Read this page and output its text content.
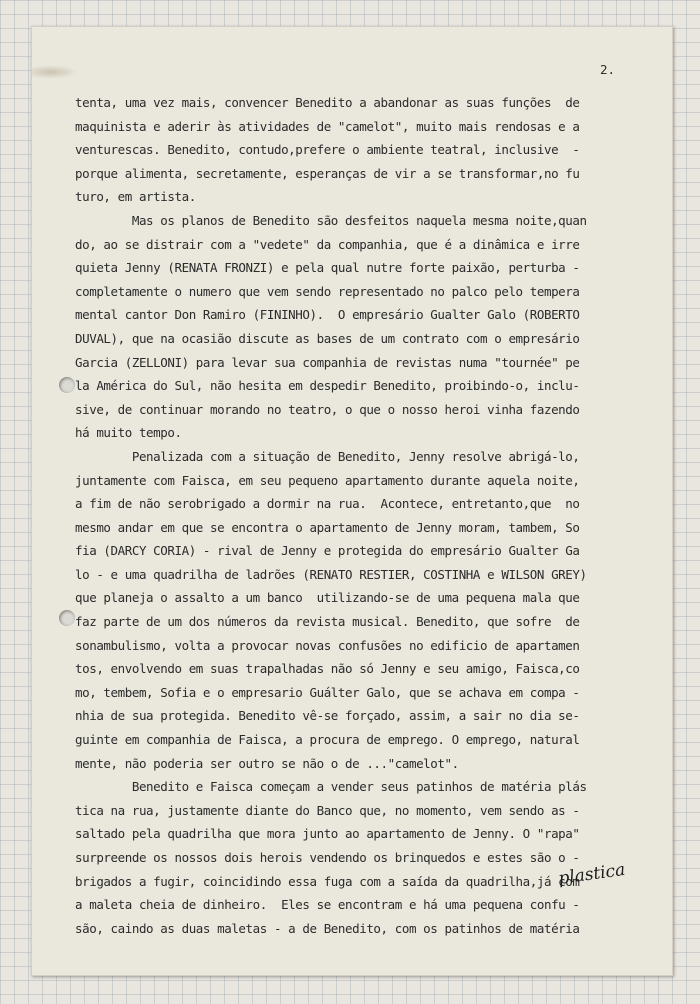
2.
tenta, uma vez mais, convencer Benedito a abandonar as suas funções  de
maquinista e aderir às atividades de "camelot", muito mais rendosas e a
venturescas. Benedito, contudo,prefere o ambiente teatral, inclusive  -
porque alimenta, secretamente, esperanças de vir a se transformar,no fu
turo, em artista.
Mas os planos de Benedito são desfeitos naquela mesma noite,quan
do, ao se distrair com a "vedete" da companhia, que é a dinâmica e irre
quieta Jenny (RENATA FRONZI) e pela qual nutre forte paixão, perturba -
completamente o numero que vem sendo representado no palco pelo tempera
mental cantor Don Ramiro (FININHO).  O empresário Gualter Galo (ROBERTO
DUVAL), que na ocasião discute as bases de um contrato com o empresário
Garcia (ZELLONI) para levar sua companhia de revistas numa "tournée" pe
la América do Sul, não hesita em despedir Benedito, proibindo-o, inclu-
sive, de continuar morando no teatro, o que o nosso heroi vinha fazendo
há muito tempo.
Penalizada com a situação de Benedito, Jenny resolve abrigá-lo,
juntamente com Faisca, em seu pequeno apartamento durante aquela noite,
a fim de não serobrigado a dormir na rua.  Acontece, entretanto,que  no
mesmo andar em que se encontra o apartamento de Jenny moram, tambem, So
fia (DARCY CORIA) - rival de Jenny e protegida do empresário Gualter Ga
lo - e uma quadrilha de ladrões (RENATO RESTIER, COSTINHA e WILSON GREY)
que planeja o assalto a um banco  utilizando-se de uma pequena mala que
faz parte de um dos números da revista musical. Benedito, que sofre  de
sonambulismo, volta a provocar novas confusões no edificio de apartamen
tos, envolvendo em suas trapalhadas não só Jenny e seu amigo, Faisca,co
mo, tembem, Sofia e o empresario Guálter Galo, que se achava em compa -
nhia de sua protegida. Benedito vê-se forçado, assim, a sair no dia se-
guinte em companhia de Faisca, a procura de emprego. O emprego, natural
mente, não poderia ser outro se não o de ..."camelot".
Benedito e Faisca começam a vender seus patinhos de matéria plás
tica na rua, justamente diante do Banco que, no momento, vem sendo as -
saltado pela quadrilha que mora junto ao apartamento de Jenny. O "rapa"
surpreende os nossos dois herois vendendo os brinquedos e estes são o -
brigados a fugir, coincidindo essa fuga com a saída da quadrilha,já com
a maleta cheia de dinheiro.  Eles se encontram e há uma pequena confu -
são, caindo as duas maletas - a de Benedito, com os patinhos de matéria
plastica
